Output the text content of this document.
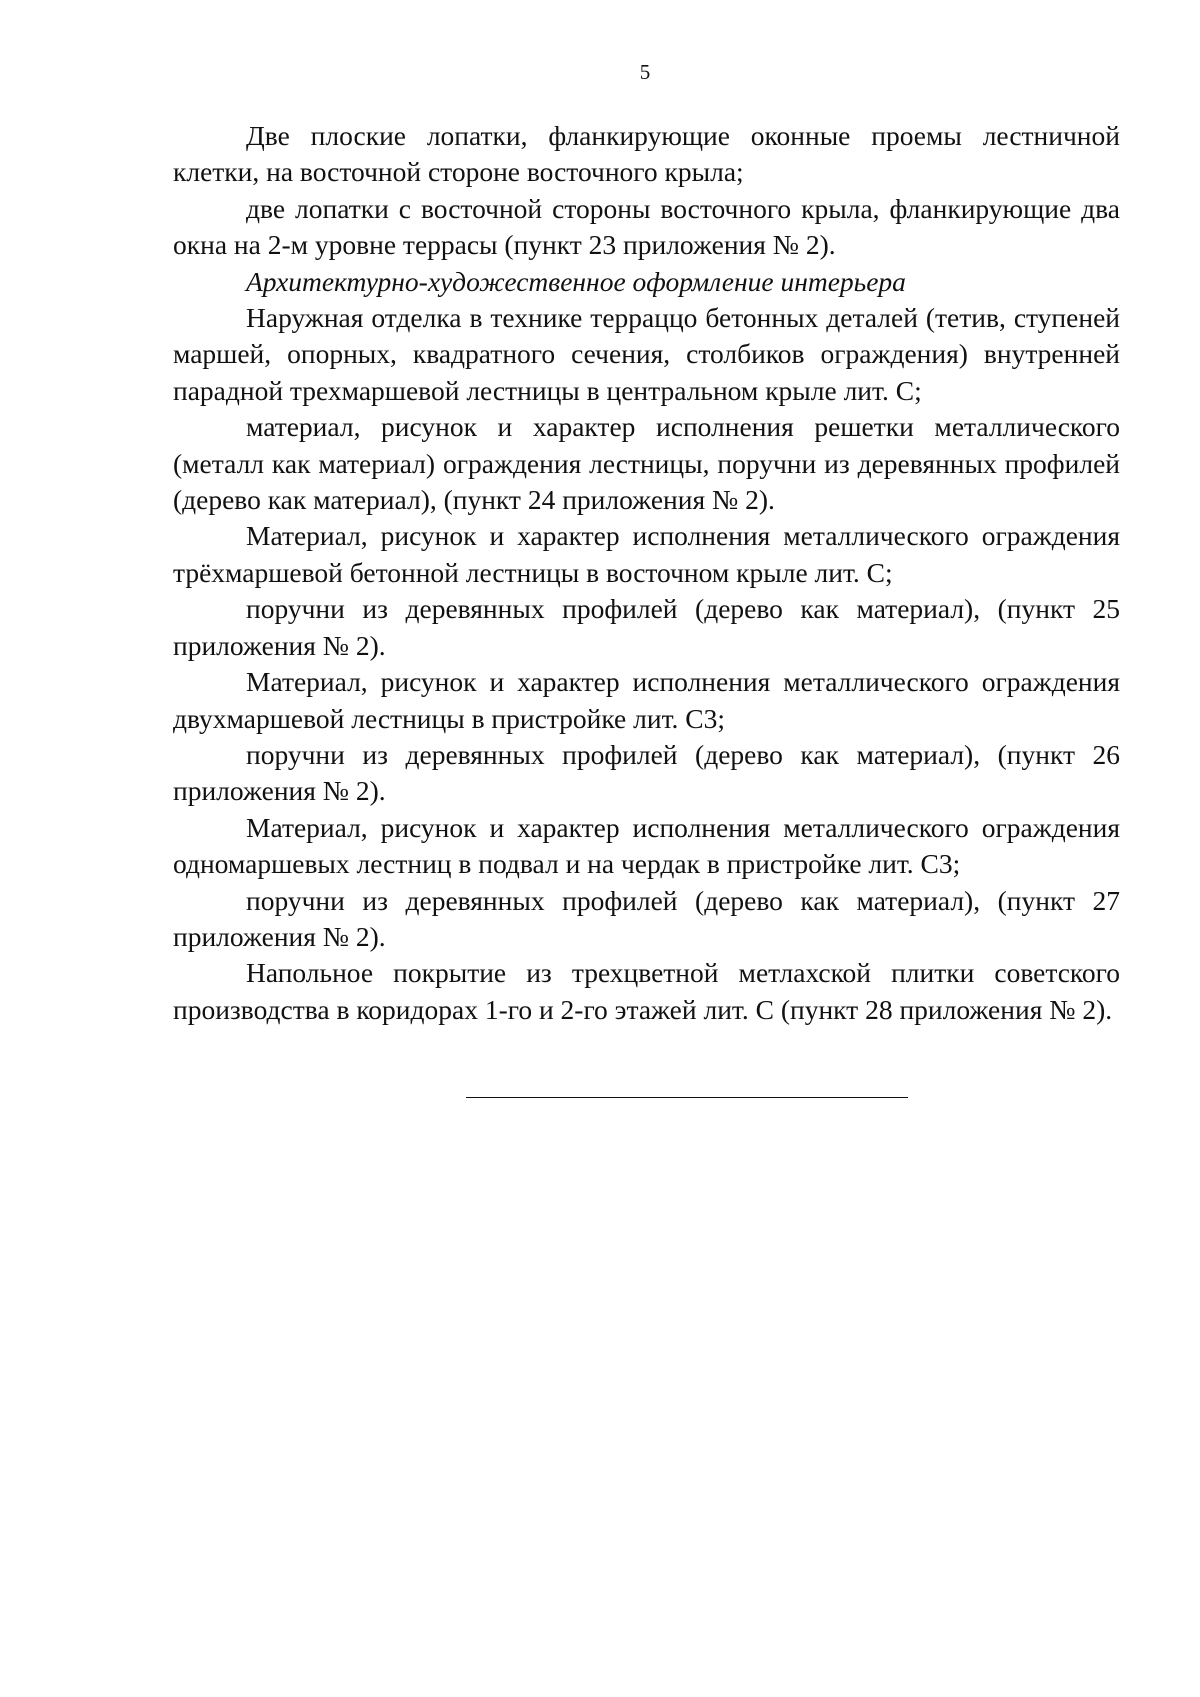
5

Две плоские лопатки, фланкирующие оконные проемы лестничной клетки, на восточной стороне восточного крыла;

две лопатки с восточной стороны восточного крыла, фланкирующие два окна на 2-м уровне террасы (пункт 23 приложения № 2).

Архитектурно-художественное оформление интерьера

Наружная отделка в технике терраццо бетонных деталей (тетив, ступеней маршей, опорных, квадратного сечения, столбиков ограждения) внутренней парадной трехмаршевой лестницы в центральном крыле лит. С;

материал, рисунок и характер исполнения решетки металлического (металл как материал) ограждения лестницы, поручни из деревянных профилей (дерево как материал), (пункт 24 приложения № 2).

Материал, рисунок и характер исполнения металлического ограждения трёхмаршевой бетонной лестницы в восточном крыле лит. С;

поручни из деревянных профилей (дерево как материал), (пункт 25 приложения № 2).

Материал, рисунок и характер исполнения металлического ограждения двухмаршевой лестницы в пристройке лит. С3;

поручни из деревянных профилей (дерево как материал), (пункт 26 приложения № 2).

Материал, рисунок и характер исполнения металлического ограждения одномаршевых лестниц в подвал и на чердак в пристройке лит. С3;

поручни из деревянных профилей (дерево как материал), (пункт 27 приложения № 2).

Напольное покрытие из трехцветной метлахской плитки советского производства в коридорах 1-го и 2-го этажей лит. С (пункт 28 приложения № 2).
